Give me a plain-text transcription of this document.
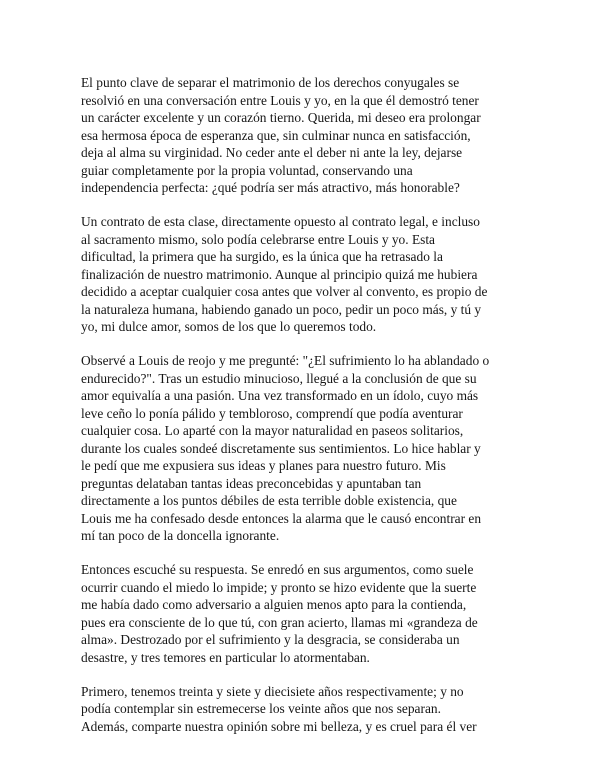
El punto clave de separar el matrimonio de los derechos conyugales se
resolvió en una conversación entre Louis y yo, en la que él demostró tener
un carácter excelente y un corazón tierno. Querida, mi deseo era prolongar
esa hermosa época de esperanza que, sin culminar nunca en satisfacción,
deja al alma su virginidad. No ceder ante el deber ni ante la ley, dejarse
guiar completamente por la propia voluntad, conservando una
independencia perfecta: ¿qué podría ser más atractivo, más honorable?

Un contrato de esta clase, directamente opuesto al contrato legal, e incluso
al sacramento mismo, solo podía celebrarse entre Louis y yo. Esta
dificultad, la primera que ha surgido, es la única que ha retrasado la
finalización de nuestro matrimonio. Aunque al principio quizá me hubiera
decidido a aceptar cualquier cosa antes que volver al convento, es propio de
la naturaleza humana, habiendo ganado un poco, pedir un poco más, y tú y
yo, mi dulce amor, somos de los que lo queremos todo.

Observé a Louis de reojo y me pregunté: "¿El sufrimiento lo ha ablandado o
endurecido?". Tras un estudio minucioso, llegué a la conclusión de que su
amor equivalía a una pasión. Una vez transformado en un ídolo, cuyo más
leve ceño lo ponía pálido y tembloroso, comprendí que podía aventurar
cualquier cosa. Lo aparté con la mayor naturalidad en paseos solitarios,
durante los cuales sondeé discretamente sus sentimientos. Lo hice hablar y
le pedí que me expusiera sus ideas y planes para nuestro futuro. Mis
preguntas delataban tantas ideas preconcebidas y apuntaban tan
directamente a los puntos débiles de esta terrible doble existencia, que
Louis me ha confesado desde entonces la alarma que le causó encontrar en
mí tan poco de la doncella ignorante.

Entonces escuché su respuesta. Se enredó en sus argumentos, como suele
ocurrir cuando el miedo lo impide; y pronto se hizo evidente que la suerte
me había dado como adversario a alguien menos apto para la contienda,
pues era consciente de lo que tú, con gran acierto, llamas mi «grandeza de
alma». Destrozado por el sufrimiento y la desgracia, se consideraba un
desastre, y tres temores en particular lo atormentaban.

Primero, tenemos treinta y siete y diecisiete años respectivamente; y no
podía contemplar sin estremecerse los veinte años que nos separan.
Además, comparte nuestra opinión sobre mi belleza, y es cruel para él ver
